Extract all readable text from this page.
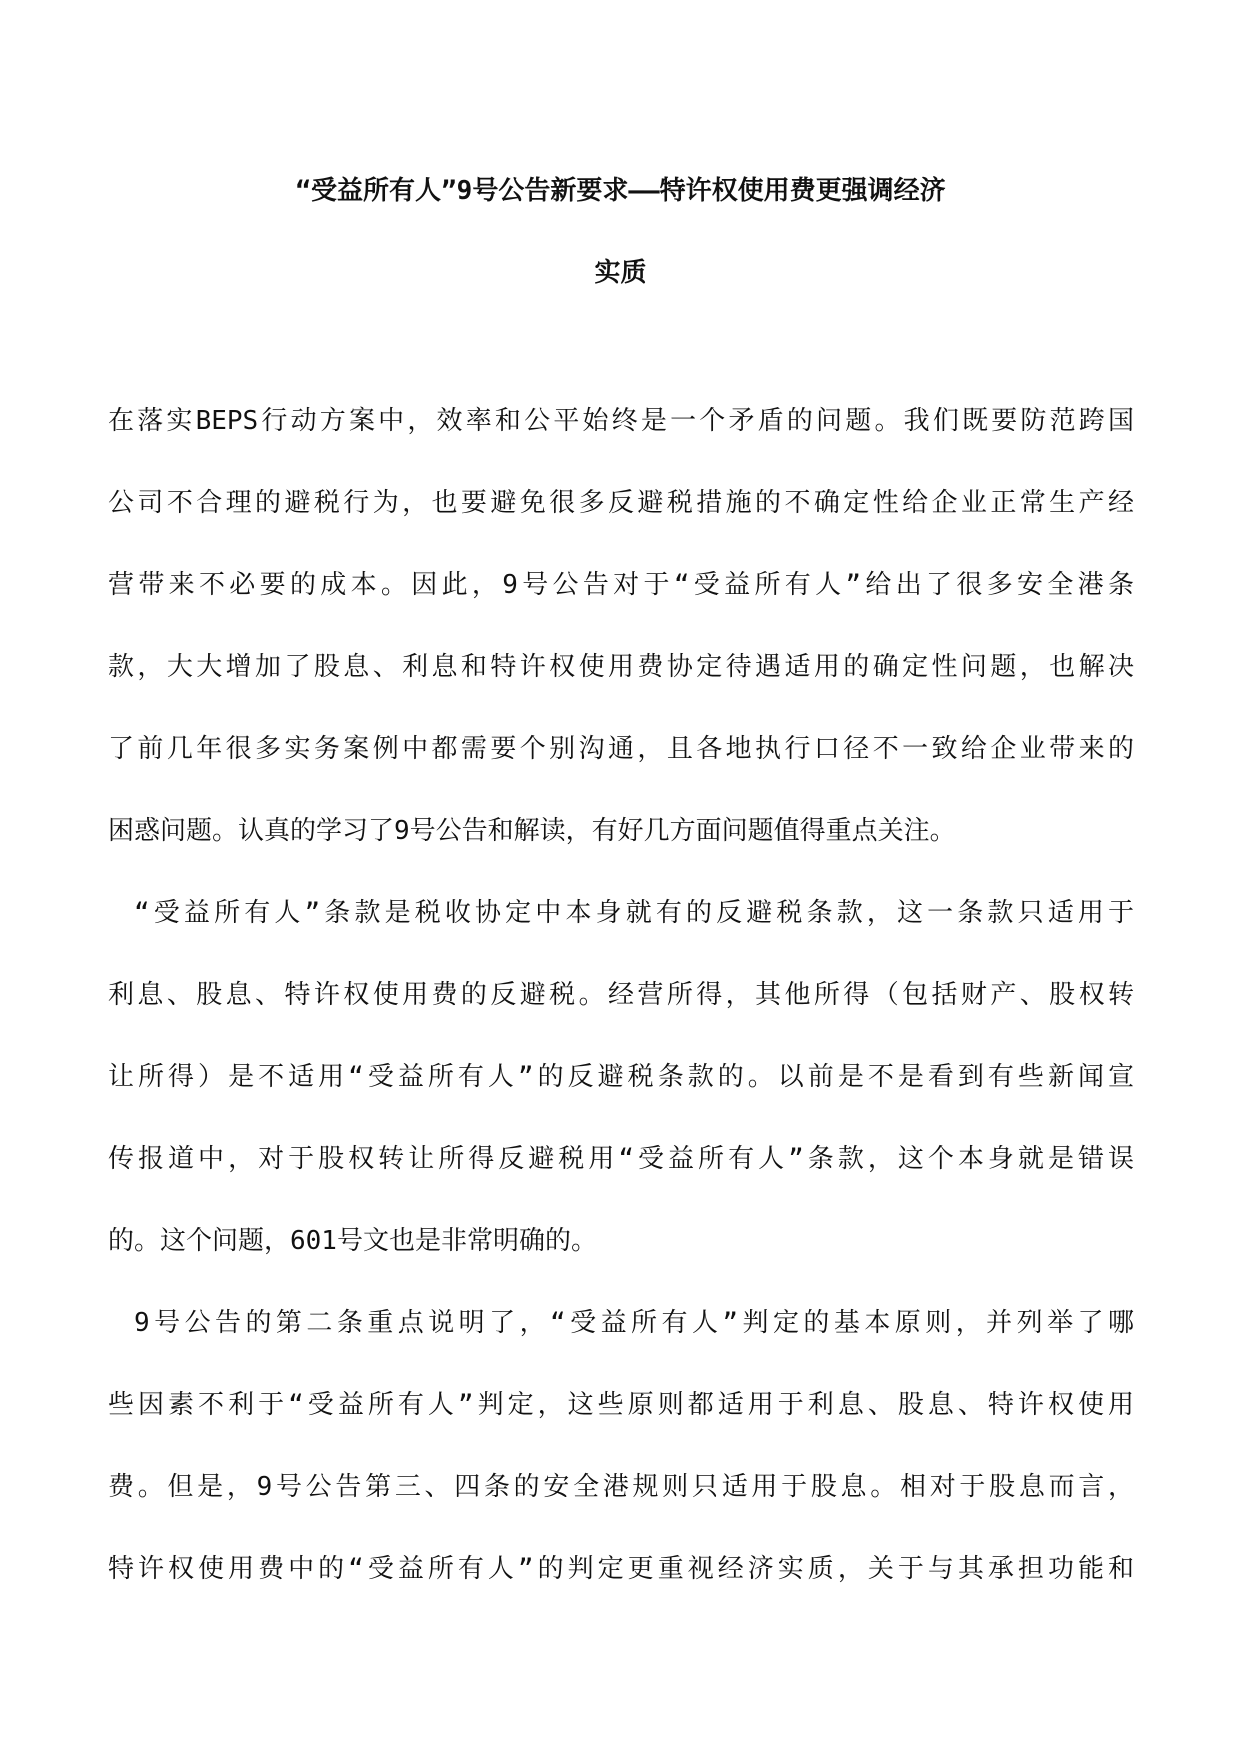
“受益所有人”9号公告新要求——特许权使用费更强调经济
实质
在落实BEPS行动方案中，效率和公平始终是一个矛盾的问题。我们既要防范跨国
公司不合理的避税行为，也要避免很多反避税措施的不确定性给企业正常生产经
营带来不必要的成本。因此，9号公告对于“受益所有人”给出了很多安全港条
款，大大增加了股息、利息和特许权使用费协定待遇适用的确定性问题，也解决
了前几年很多实务案例中都需要个别沟通，且各地执行口径不一致给企业带来的
困惑问题。认真的学习了9号公告和解读，有好几方面问题值得重点关注。
“受益所有人”条款是税收协定中本身就有的反避税条款，这一条款只适用于
利息、股息、特许权使用费的反避税。经营所得，其他所得（包括财产、股权转
让所得）是不适用“受益所有人”的反避税条款的。以前是不是看到有些新闻宣
传报道中，对于股权转让所得反避税用“受益所有人”条款，这个本身就是错误
的。这个问题，601号文也是非常明确的。
9号公告的第二条重点说明了，“受益所有人”判定的基本原则，并列举了哪
些因素不利于“受益所有人”判定，这些原则都适用于利息、股息、特许权使用
费。但是，9号公告第三、四条的安全港规则只适用于股息。相对于股息而言，
特许权使用费中的“受益所有人”的判定更重视经济实质，关于与其承担功能和
